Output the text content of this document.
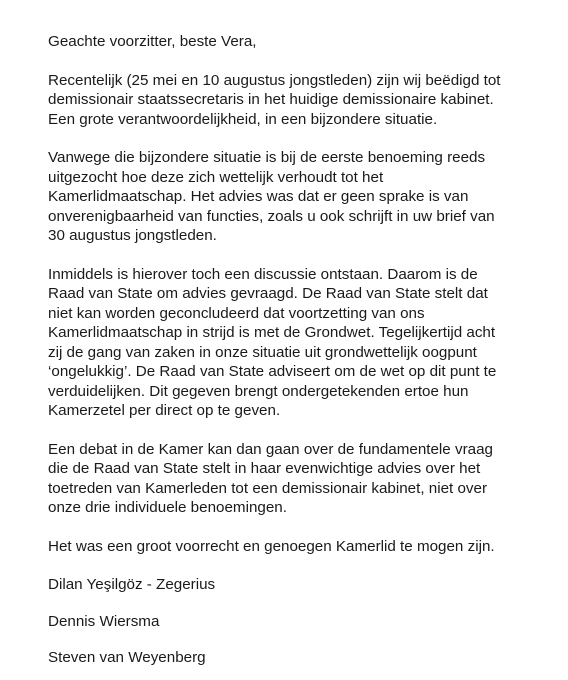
Geachte voorzitter, beste Vera,

Recentelijk (25 mei en 10 augustus jongstleden) zijn wij beëdigd tot
demissionair staatssecretaris in het huidige demissionaire kabinet.
Een grote verantwoordelijkheid, in een bijzondere situatie.

Vanwege die bijzondere situatie is bij de eerste benoeming reeds
uitgezocht hoe deze zich wettelijk verhoudt tot het
Kamerlidmaatschap. Het advies was dat er geen sprake is van
onverenigbaarheid van functies, zoals u ook schrijft in uw brief van
30 augustus jongstleden.

Inmiddels is hierover toch een discussie ontstaan. Daarom is de
Raad van State om advies gevraagd. De Raad van State stelt dat
niet kan worden geconcludeerd dat voortzetting van ons
Kamerlidmaatschap in strijd is met de Grondwet. Tegelijkertijd acht
zij de gang van zaken in onze situatie uit grondwettelijk oogpunt
‘ongelukkig’. De Raad van State adviseert om de wet op dit punt te
verduidelijken. Dit gegeven brengt ondergetekenden ertoe hun
Kamerzetel per direct op te geven.

Een debat in de Kamer kan dan gaan over de fundamentele vraag
die de Raad van State stelt in haar evenwichtige advies over het
toetreden van Kamerleden tot een demissionair kabinet, niet over
onze drie individuele benoemingen.

Het was een groot voorrecht en genoegen Kamerlid te mogen zijn.

Dilan Yeşilgöz - Zegerius

Dennis Wiersma

Steven van Weyenberg
